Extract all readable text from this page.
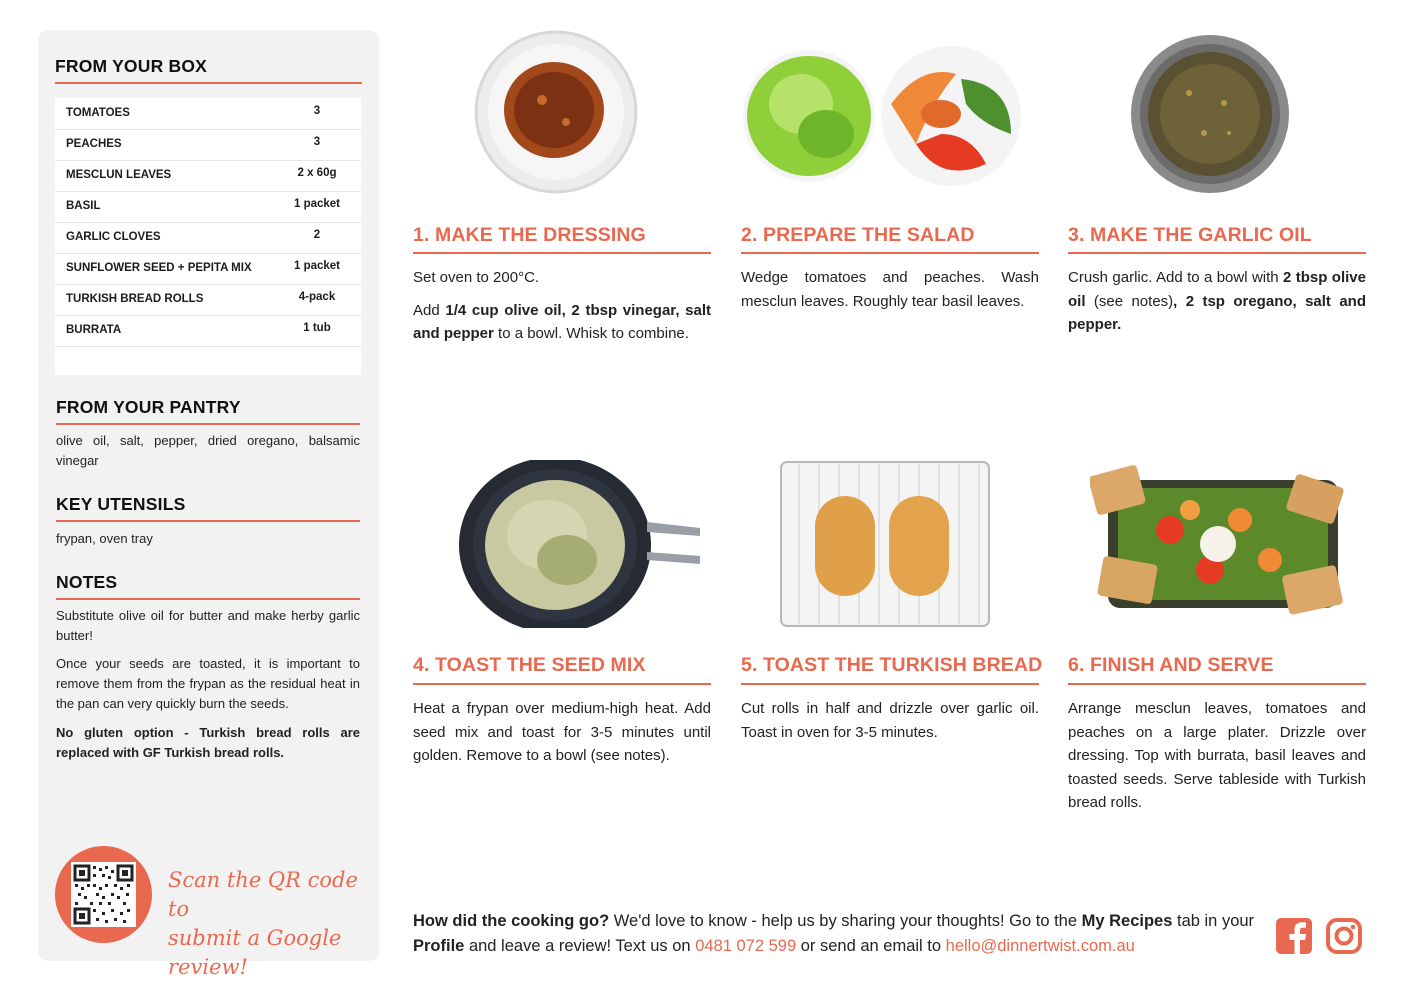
FROM YOUR BOX
TOMATOES	3
PEACHES	3
MESCLUN LEAVES	2 x 60g
BASIL	1 packet
GARLIC CLOVES	2
SUNFLOWER SEED + PEPITA MIX	1 packet
TURKISH BREAD ROLLS	4-pack
BURRATA	1 tub
FROM YOUR PANTRY
olive oil, salt, pepper, dried oregano, balsamic vinegar
KEY UTENSILS
frypan, oven tray
NOTES
Substitute olive oil for butter and make herby garlic butter!
Once your seeds are toasted, it is important to remove them from the frypan as the residual heat in the pan can very quickly burn the seeds.
No gluten option - Turkish bread rolls are replaced with GF Turkish bread rolls.
Scan the QR code to
submit a Google review!
1. MAKE THE DRESSING	2. PREPARE THE SALAD	3. MAKE THE GARLIC OIL
4. TOAST THE SEED MIX	5. TOAST THE TURKISH BREAD 6. FINISH AND SERVE

Set oven to 200°C.

Add 1/4 cup olive oil, 2 tbsp vinegar, salt and pepper to a bowl. Whisk to combine.

Wedge tomatoes and peaches. Wash mesclun leaves. Roughly tear basil leaves.

Crush garlic. Add to a bowl with 2 tbsp olive oil (see notes), 2 tsp oregano, salt and pepper.

Heat a frypan over medium-high heat. Add seed mix and toast for 3-5 minutes until golden. Remove to a bowl (see notes).

Cut rolls in half and drizzle over garlic oil. Toast in oven for 3-5 minutes.

Arrange mesclun leaves, tomatoes and peaches on a large plater. Drizzle over dressing. Top with burrata, basil leaves and toasted seeds. Serve tableside with Turkish bread rolls.

How did the cooking go? We'd love to know - help us by sharing your thoughts! Go to the My Recipes tab in your Profile and leave a review! Text us on 0481 072 599 or send an email to hello@dinnertwist.com.au
